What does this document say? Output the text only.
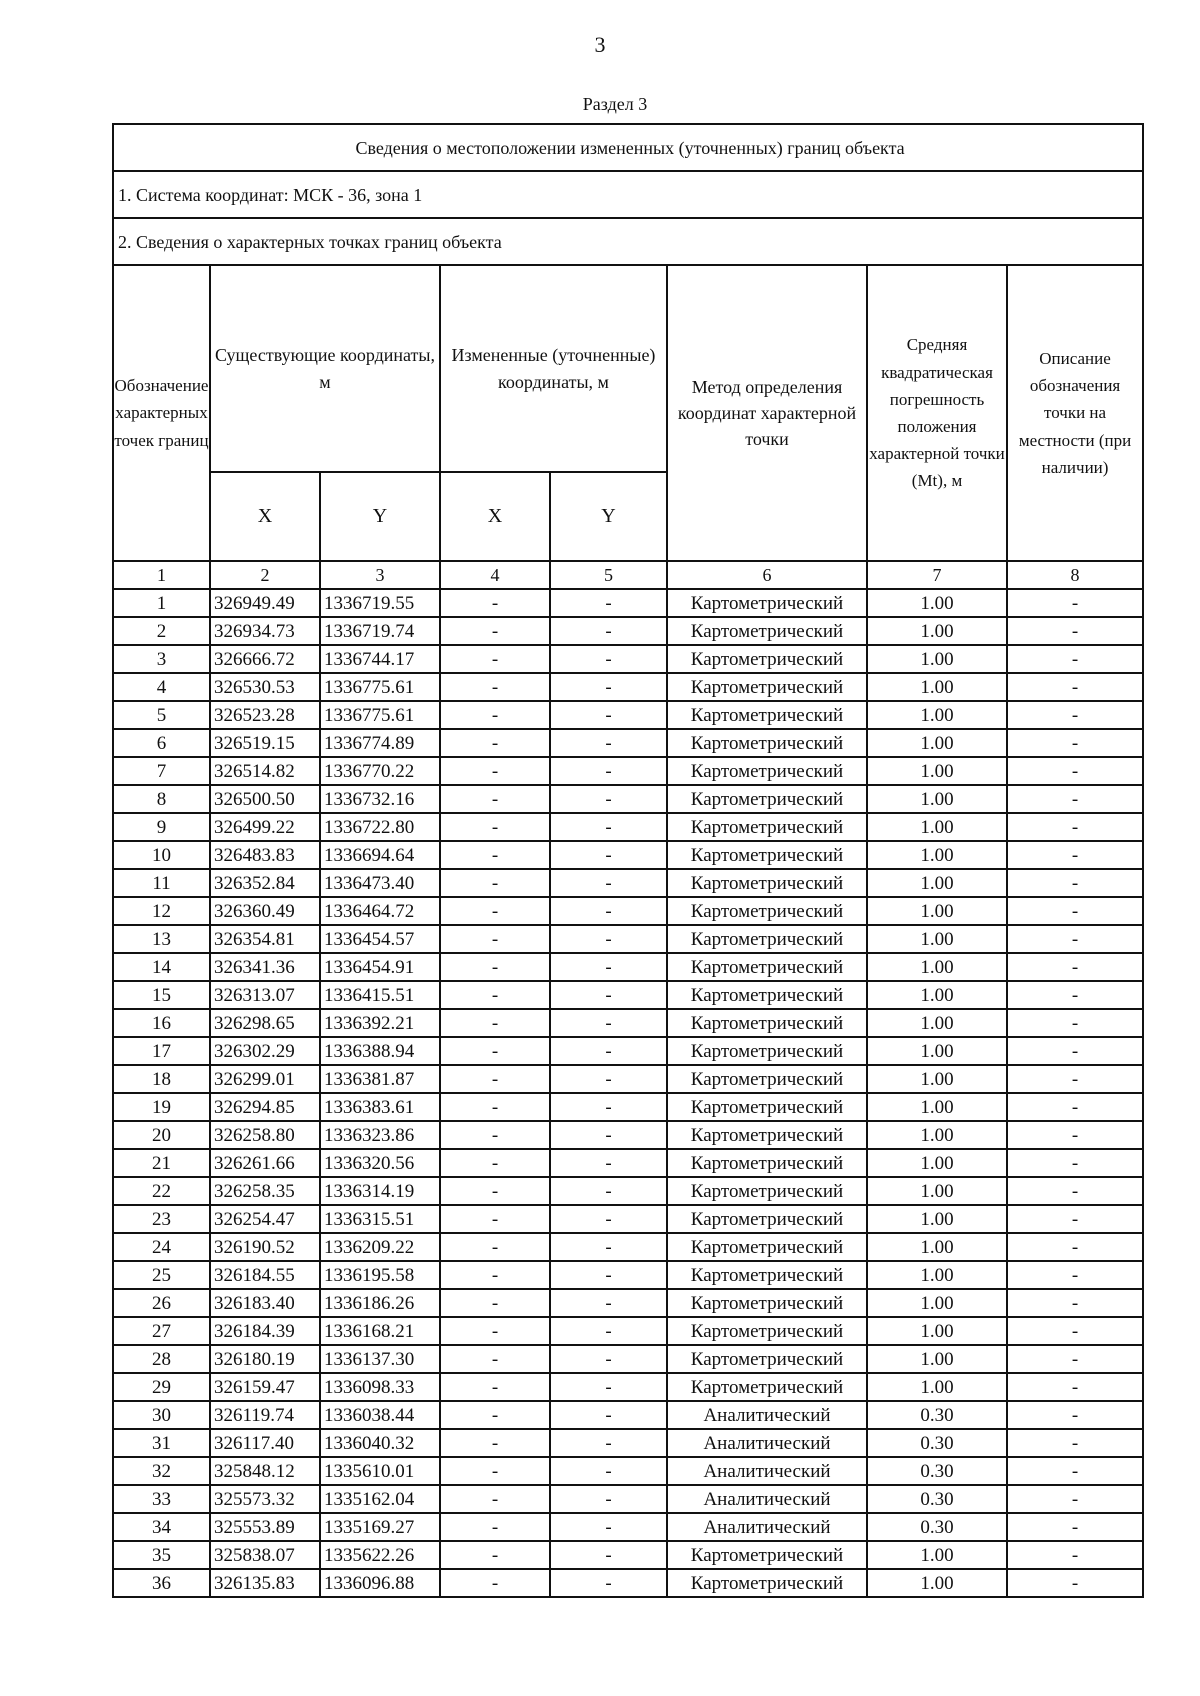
3
Раздел 3
Сведения о местоположении измененных (уточненных) границ объекта							
1. Система координат: МСК - 36, зона 1							
2. Сведения о характерных точках границ объекта							
Обозначение характерных точек границ	Существующие координаты, м		Измененные (уточненные) координаты, м		Метод определения координат характерной точки	Средняя квадратическая погрешность положения характерной точки (Mt), м	Описание обозначения точки на местности (при наличии)
	X	Y	X	Y			
1	2	3	4	5	6	7	8
1	326949.49	1336719.55	-	-	Картометрический	1.00	-
2	326934.73	1336719.74	-	-	Картометрический	1.00	-
3	326666.72	1336744.17	-	-	Картометрический	1.00	-
4	326530.53	1336775.61	-	-	Картометрический	1.00	-
5	326523.28	1336775.61	-	-	Картометрический	1.00	-
6	326519.15	1336774.89	-	-	Картометрический	1.00	-
7	326514.82	1336770.22	-	-	Картометрический	1.00	-
8	326500.50	1336732.16	-	-	Картометрический	1.00	-
9	326499.22	1336722.80	-	-	Картометрический	1.00	-
10	326483.83	1336694.64	-	-	Картометрический	1.00	-
11	326352.84	1336473.40	-	-	Картометрический	1.00	-
12	326360.49	1336464.72	-	-	Картометрический	1.00	-
13	326354.81	1336454.57	-	-	Картометрический	1.00	-
14	326341.36	1336454.91	-	-	Картометрический	1.00	-
15	326313.07	1336415.51	-	-	Картометрический	1.00	-
16	326298.65	1336392.21	-	-	Картометрический	1.00	-
17	326302.29	1336388.94	-	-	Картометрический	1.00	-
18	326299.01	1336381.87	-	-	Картометрический	1.00	-
19	326294.85	1336383.61	-	-	Картометрический	1.00	-
20	326258.80	1336323.86	-	-	Картометрический	1.00	-
21	326261.66	1336320.56	-	-	Картометрический	1.00	-
22	326258.35	1336314.19	-	-	Картометрический	1.00	-
23	326254.47	1336315.51	-	-	Картометрический	1.00	-
24	326190.52	1336209.22	-	-	Картометрический	1.00	-
25	326184.55	1336195.58	-	-	Картометрический	1.00	-
26	326183.40	1336186.26	-	-	Картометрический	1.00	-
27	326184.39	1336168.21	-	-	Картометрический	1.00	-
28	326180.19	1336137.30	-	-	Картометрический	1.00	-
29	326159.47	1336098.33	-	-	Картометрический	1.00	-
30	326119.74	1336038.44	-	-	Аналитический	0.30	-
31	326117.40	1336040.32	-	-	Аналитический	0.30	-
32	325848.12	1335610.01	-	-	Аналитический	0.30	-
33	325573.32	1335162.04	-	-	Аналитический	0.30	-
34	325553.89	1335169.27	-	-	Аналитический	0.30	-
35	325838.07	1335622.26	-	-	Картометрический	1.00	-
36	326135.83	1336096.88	-	-	Картометрический	1.00	-
